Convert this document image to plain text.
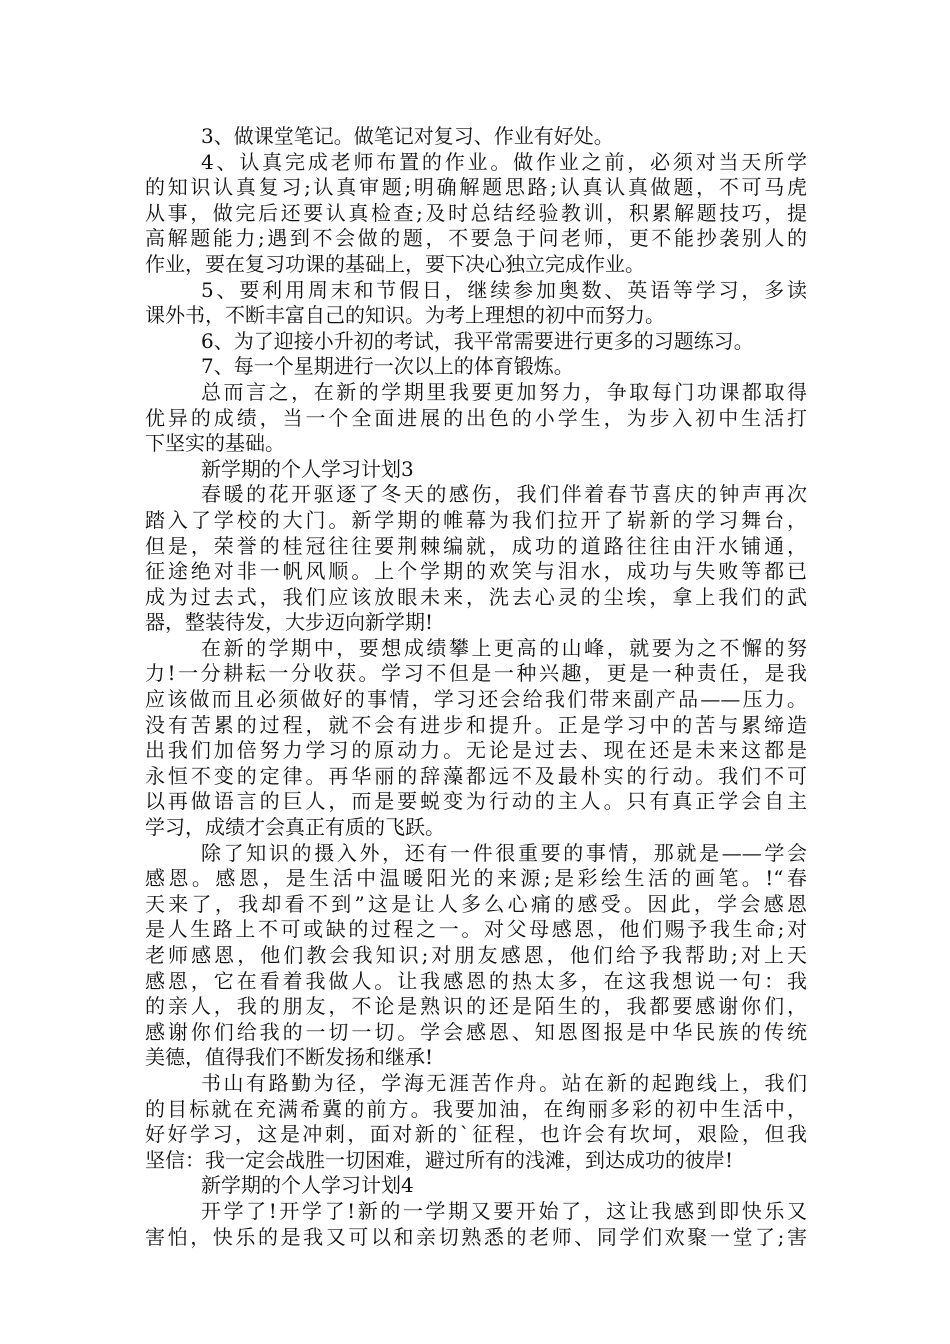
3、做课堂笔记。做笔记对复习、作业有好处。
4、认真完成老师布置的作业。做作业之前，必须对当天所学
的知识认真复习;认真审题;明确解题思路;认真认真做题，不可马虎
从事，做完后还要认真检查;及时总结经验教训，积累解题技巧，提
高解题能力;遇到不会做的题，不要急于问老师，更不能抄袭别人的
作业，要在复习功课的基础上，要下决心独立完成作业。
5、要利用周末和节假日，继续参加奥数、英语等学习，多读
课外书，不断丰富自己的知识。为考上理想的初中而努力。
6、为了迎接小升初的考试，我平常需要进行更多的习题练习。
7、每一个星期进行一次以上的体育锻炼。
总而言之，在新的学期里我要更加努力，争取每门功课都取得
优异的成绩，当一个全面进展的出色的小学生，为步入初中生活打
下坚实的基础。
新学期的个人学习计划3
春暖的花开驱逐了冬天的感伤，我们伴着春节喜庆的钟声再次
踏入了学校的大门。新学期的帷幕为我们拉开了崭新的学习舞台，
但是，荣誉的桂冠往往要荆棘编就，成功的道路往往由汗水铺通，
征途绝对非一帆风顺。上个学期的欢笑与泪水，成功与失败等都已
成为过去式，我们应该放眼未来，洗去心灵的尘埃，拿上我们的武
器，整装待发，大步迈向新学期!
在新的学期中，要想成绩攀上更高的山峰，就要为之不懈的努
力!一分耕耘一分收获。学习不但是一种兴趣，更是一种责任，是我
应该做而且必须做好的事情，学习还会给我们带来副产品——压力。
没有苦累的过程，就不会有进步和提升。正是学习中的苦与累缔造
出我们加倍努力学习的原动力。无论是过去、现在还是未来这都是
永恒不变的定律。再华丽的辞藻都远不及最朴实的行动。我们不可
以再做语言的巨人，而是要蜕变为行动的主人。只有真正学会自主
学习，成绩才会真正有质的飞跃。
除了知识的摄入外，还有一件很重要的事情，那就是——学会
感恩。感恩，是生活中温暖阳光的来源;是彩绘生活的画笔。!“春
天来了，我却看不到”这是让人多么心痛的感受。因此，学会感恩
是人生路上不可或缺的过程之一。对父母感恩，他们赐予我生命;对
老师感恩，他们教会我知识;对朋友感恩，他们给予我帮助;对上天
感恩，它在看着我做人。让我感恩的热太多，在这我想说一句：我
的亲人，我的朋友，不论是熟识的还是陌生的，我都要感谢你们，
感谢你们给我的一切一切。学会感恩、知恩图报是中华民族的传统
美德，值得我们不断发扬和继承!
书山有路勤为径，学海无涯苦作舟。站在新的起跑线上，我们
的目标就在充满希冀的前方。我要加油，在绚丽多彩的初中生活中，
好好学习，这是冲刺，面对新的`征程，也许会有坎坷，艰险，但我
坚信：我一定会战胜一切困难，避过所有的浅滩，到达成功的彼岸!
新学期的个人学习计划4
开学了!开学了!新的一学期又要开始了，这让我感到即快乐又
害怕，快乐的是我又可以和亲切熟悉的老师、同学们欢聚一堂了;害
